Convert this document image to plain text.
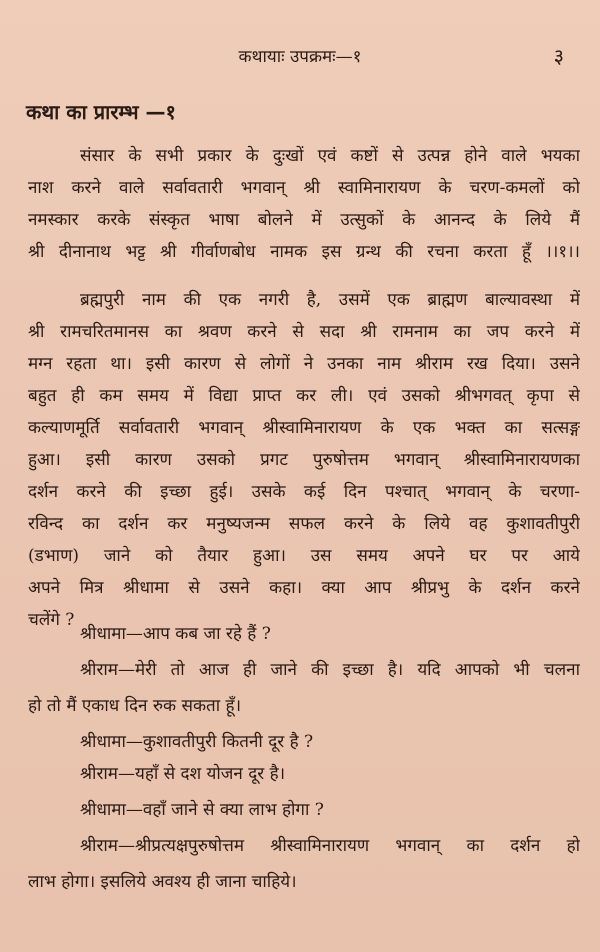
कथायाः उपक्रमः—१	३
कथा का प्रारम्भ —१
संसार के सभी प्रकार के दुःखों एवं कष्टों से उत्पन्न होने वाले भयका
नाश करने वाले सर्वावतारी भगवान् श्री स्वामिनारायण के चरण-कमलों को
नमस्कार करके संस्कृत भाषा बोलने में उत्सुकों के आनन्द के लिये मैं
श्री दीनानाथ भट्ट श्री गीर्वाणबोध नामक इस ग्रन्थ की रचना करता हूँ ।।१।।
ब्रह्मपुरी नाम की एक नगरी है, उसमें एक ब्राह्मण बाल्यावस्था में
श्री रामचरितमानस का श्रवण करने से सदा श्री रामनाम का जप करने में
मग्न रहता था। इसी कारण से लोगों ने उनका नाम श्रीराम रख दिया। उसने
बहुत ही कम समय में विद्या प्राप्त कर ली। एवं उसको श्रीभगवत् कृपा से
कल्याणमूर्ति सर्वावतारी भगवान् श्रीस्वामिनारायण के एक भक्त का सत्सङ्ग
हुआ। इसी कारण उसको प्रगट पुरुषोत्तम भगवान् श्रीस्वामिनारायणका
दर्शन करने की इच्छा हुई। उसके कई दिन पश्चात् भगवान् के चरणा-
रविन्द का दर्शन कर मनुष्यजन्म सफल करने के लिये वह कुशावतीपुरी
(डभाण) जाने को तैयार हुआ। उस समय अपने घर पर आये
अपने मित्र श्रीधामा से उसने कहा। क्या आप श्रीप्रभु के दर्शन करने
चलेंगे ?
श्रीधामा—आप कब जा रहे हैं ?
श्रीराम—मेरी तो आज ही जाने की इच्छा है। यदि आपको भी चलना
हो तो मैं एकाध दिन रुक सकता हूँ।
श्रीधामा—कुशावतीपुरी कितनी दूर है ?
श्रीराम—यहाँ से दश योजन दूर है।
श्रीधामा—वहाँ जाने से क्या लाभ होगा ?
श्रीराम—श्रीप्रत्यक्षपुरुषोत्तम श्रीस्वामिनारायण भगवान् का दर्शन हो
लाभ होगा। इसलिये अवश्य ही जाना चाहिये।
